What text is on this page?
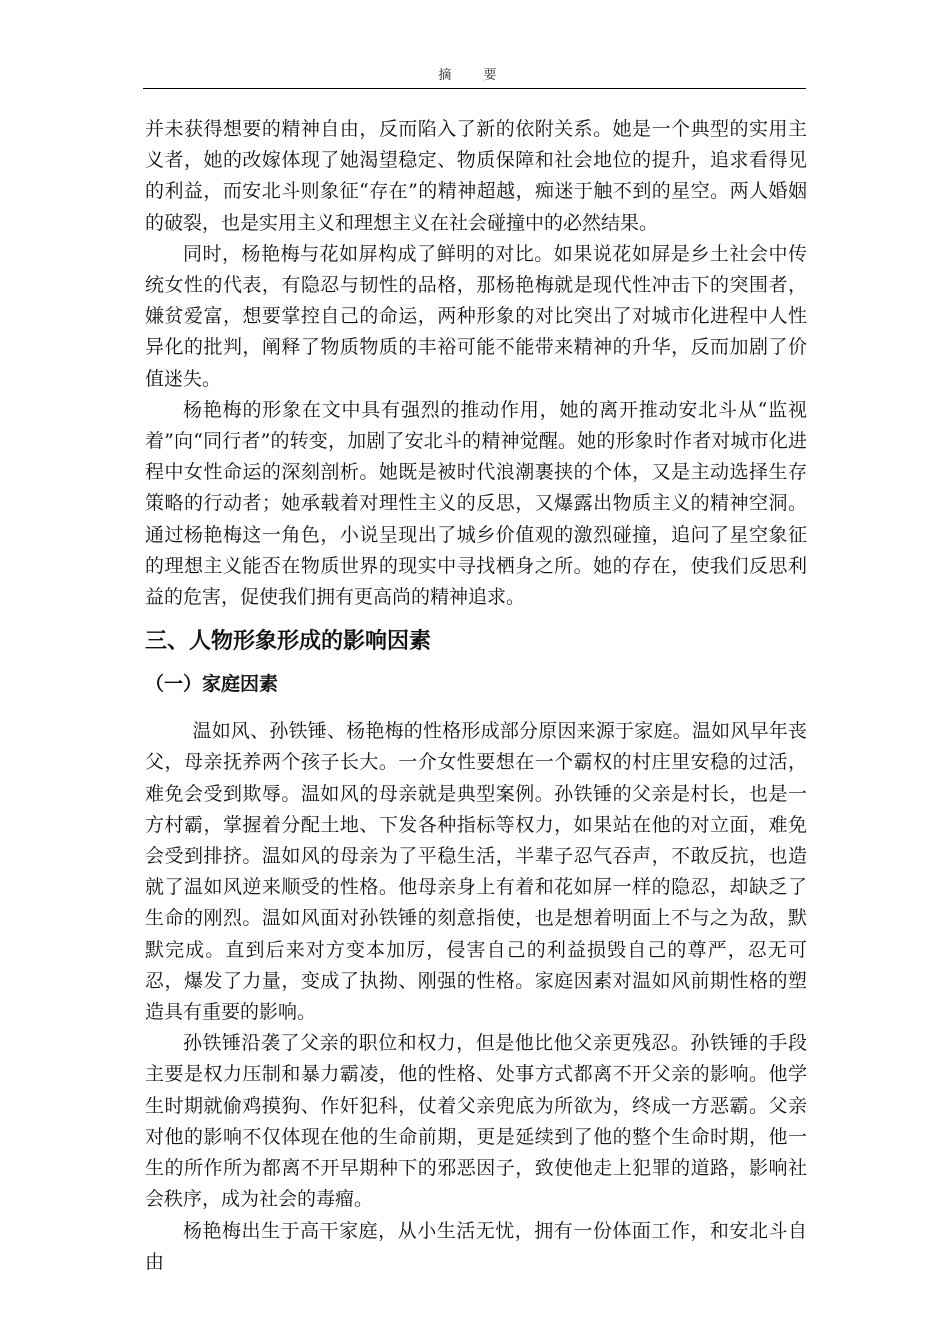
摘 要

并未获得想要的精神自由，反而陷入了新的依附关系。她是一个典型的实用主义者，她的改嫁体现了她渴望稳定、物质保障和社会地位的提升，追求看得见的利益，而安北斗则象征“存在”的精神超越，痴迷于触不到的星空。两人婚姻的破裂，也是实用主义和理想主义在社会碰撞中的必然结果。

同时，杨艳梅与花如屏构成了鲜明的对比。如果说花如屏是乡土社会中传统女性的代表，有隐忍与韧性的品格，那杨艳梅就是现代性冲击下的突围者，嫌贫爱富，想要掌控自己的命运，两种形象的对比突出了对城市化进程中人性异化的批判，阐释了物质物质的丰裕可能不能带来精神的升华，反而加剧了价值迷失。

杨艳梅的形象在文中具有强烈的推动作用，她的离开推动安北斗从“监视着”向“同行者”的转变，加剧了安北斗的精神觉醒。她的形象时作者对城市化进程中女性命运的深刻剖析。她既是被时代浪潮裹挟的个体，又是主动选择生存策略的行动者；她承载着对理性主义的反思，又爆露出物质主义的精神空洞。通过杨艳梅这一角色，小说呈现出了城乡价值观的激烈碰撞，追问了星空象征的理想主义能否在物质世界的现实中寻找栖身之所。她的存在，使我们反思利益的危害，促使我们拥有更高尚的精神追求。

三、人物形象形成的影响因素
（一）家庭因素

温如风、孙铁锤、杨艳梅的性格形成部分原因来源于家庭。温如风早年丧父，母亲抚养两个孩子长大。一介女性要想在一个霸权的村庄里安稳的过活，难免会受到欺辱。温如风的母亲就是典型案例。孙铁锤的父亲是村长，也是一方村霸，掌握着分配土地、下发各种指标等权力，如果站在他的对立面，难免会受到排挤。温如风的母亲为了平稳生活，半辈子忍气吞声，不敢反抗，也造就了温如风逆来顺受的性格。他母亲身上有着和花如屏一样的隐忍，却缺乏了生命的刚烈。温如风面对孙铁锤的刻意指使，也是想着明面上不与之为敌，默默完成。直到后来对方变本加厉，侵害自己的利益损毁自己的尊严，忍无可忍，爆发了力量，变成了执拗、刚强的性格。家庭因素对温如风前期性格的塑造具有重要的影响。

孙铁锤沿袭了父亲的职位和权力，但是他比他父亲更残忍。孙铁锤的手段主要是权力压制和暴力霸凌，他的性格、处事方式都离不开父亲的影响。他学生时期就偷鸡摸狗、作奸犯科，仗着父亲兜底为所欲为，终成一方恶霸。父亲对他的影响不仅体现在他的生命前期，更是延续到了他的整个生命时期，他一生的所作所为都离不开早期种下的邪恶因子，致使他走上犯罪的道路，影响社会秩序，成为社会的毒瘤。

杨艳梅出生于高干家庭，从小生活无忧，拥有一份体面工作，和安北斗自由
